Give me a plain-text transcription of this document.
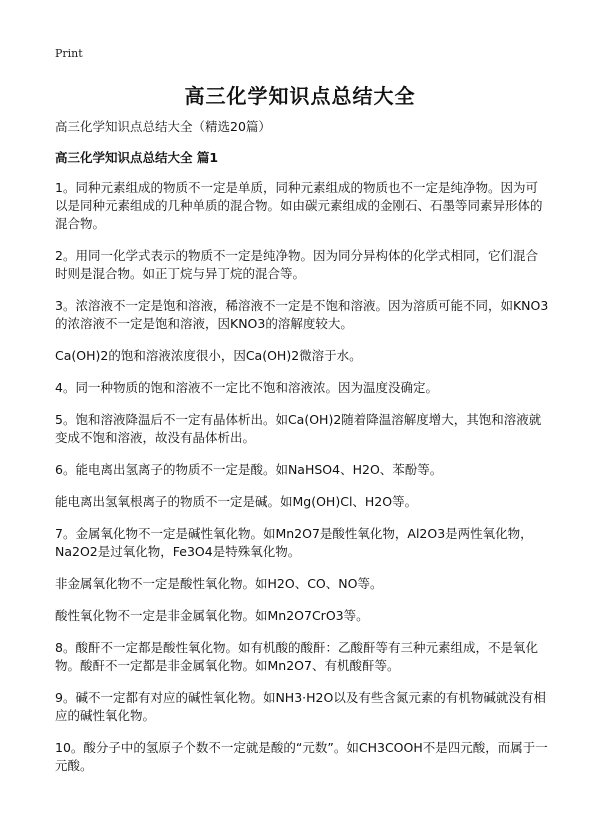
Print
高三化学知识点总结大全

高三化学知识点总结大全（精选20篇）

高三化学知识点总结大全 篇1

1。同种元素组成的物质不一定是单质，同种元素组成的物质也不一定是纯净物。因为可以是同种元素组成的几种单质的混合物。如由碳元素组成的金刚石、石墨等同素异形体的混合物。

2。用同一化学式表示的物质不一定是纯净物。因为同分异构体的化学式相同，它们混合时则是混合物。如正丁烷与异丁烷的混合等。

3。浓溶液不一定是饱和溶液，稀溶液不一定是不饱和溶液。因为溶质可能不同，如KNO3的浓溶液不一定是饱和溶液，因KNO3的溶解度较大。

Ca(OH)2的饱和溶液浓度很小，因Ca(OH)2微溶于水。

4。同一种物质的饱和溶液不一定比不饱和溶液浓。因为温度没确定。

5。饱和溶液降温后不一定有晶体析出。如Ca(OH)2随着降温溶解度增大，其饱和溶液就变成不饱和溶液，故没有晶体析出。

6。能电离出氢离子的物质不一定是酸。如NaHSO4、H2O、苯酚等。

能电离出氢氧根离子的物质不一定是碱。如Mg(OH)Cl、H2O等。

7。金属氧化物不一定是碱性氧化物。如Mn2O7是酸性氧化物，Al2O3是两性氧化物，Na2O2是过氧化物，Fe3O4是特殊氧化物。

非金属氧化物不一定是酸性氧化物。如H2O、CO、NO等。

酸性氧化物不一定是非金属氧化物。如Mn2O7CrO3等。

8。酸酐不一定都是酸性氧化物。如有机酸的酸酐：乙酸酐等有三种元素组成，不是氧化物。酸酐不一定都是非金属氧化物。如Mn2O7、有机酸酐等。

9。碱不一定都有对应的碱性氧化物。如NH3·H2O以及有些含氮元素的有机物碱就没有相应的碱性氧化物。

10。酸分子中的氢原子个数不一定就是酸的“元数”。如CH3COOH不是四元酸，而属于一元酸。
